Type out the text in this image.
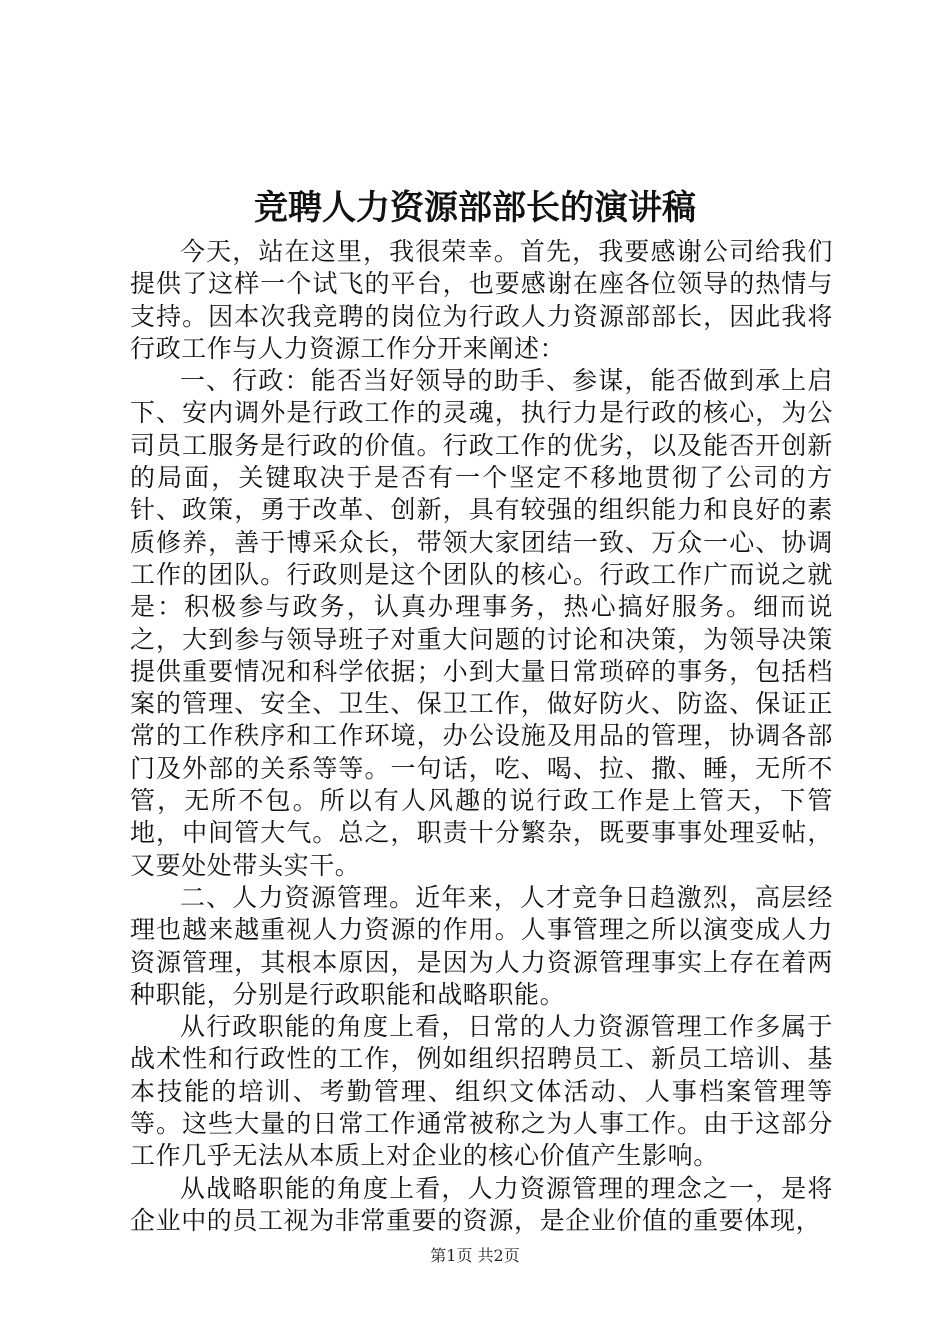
竞聘人力资源部部长的演讲稿

今天，站在这里，我很荣幸。首先，我要感谢公司给我们提供了这样一个试飞的平台，也要感谢在座各位领导的热情与支持。因本次我竞聘的岗位为行政人力资源部部长，因此我将行政工作与人力资源工作分开来阐述：

一、行政：能否当好领导的助手、参谋，能否做到承上启下、安内调外是行政工作的灵魂，执行力是行政的核心，为公司员工服务是行政的价值。行政工作的优劣，以及能否开创新的局面，关键取决于是否有一个坚定不移地贯彻了公司的方针、政策，勇于改革、创新，具有较强的组织能力和良好的素质修养，善于博采众长，带领大家团结一致、万众一心、协调工作的团队。行政则是这个团队的核心。行政工作广而说之就是：积极参与政务，认真办理事务，热心搞好服务。细而说之，大到参与领导班子对重大问题的讨论和决策，为领导决策提供重要情况和科学依据；小到大量日常琐碎的事务，包括档案的管理、安全、卫生、保卫工作，做好防火、防盗、保证正常的工作秩序和工作环境，办公设施及用品的管理，协调各部门及外部的关系等等。一句话，吃、喝、拉、撒、睡，无所不管，无所不包。所以有人风趣的说行政工作是上管天，下管地，中间管大气。总之，职责十分繁杂，既要事事处理妥帖，又要处处带头实干。

二、人力资源管理。近年来，人才竞争日趋激烈，高层经理也越来越重视人力资源的作用。人事管理之所以演变成人力资源管理，其根本原因，是因为人力资源管理事实上存在着两种职能，分别是行政职能和战略职能。

从行政职能的角度上看，日常的人力资源管理工作多属于战术性和行政性的工作，例如组织招聘员工、新员工培训、基本技能的培训、考勤管理、组织文体活动、人事档案管理等等。这些大量的日常工作通常被称之为人事工作。由于这部分工作几乎无法从本质上对企业的核心价值产生影响。

从战略职能的角度上看，人力资源管理的理念之一，是将企业中的员工视为非常重要的资源，是企业价值的重要体现，

第1页 共2页
